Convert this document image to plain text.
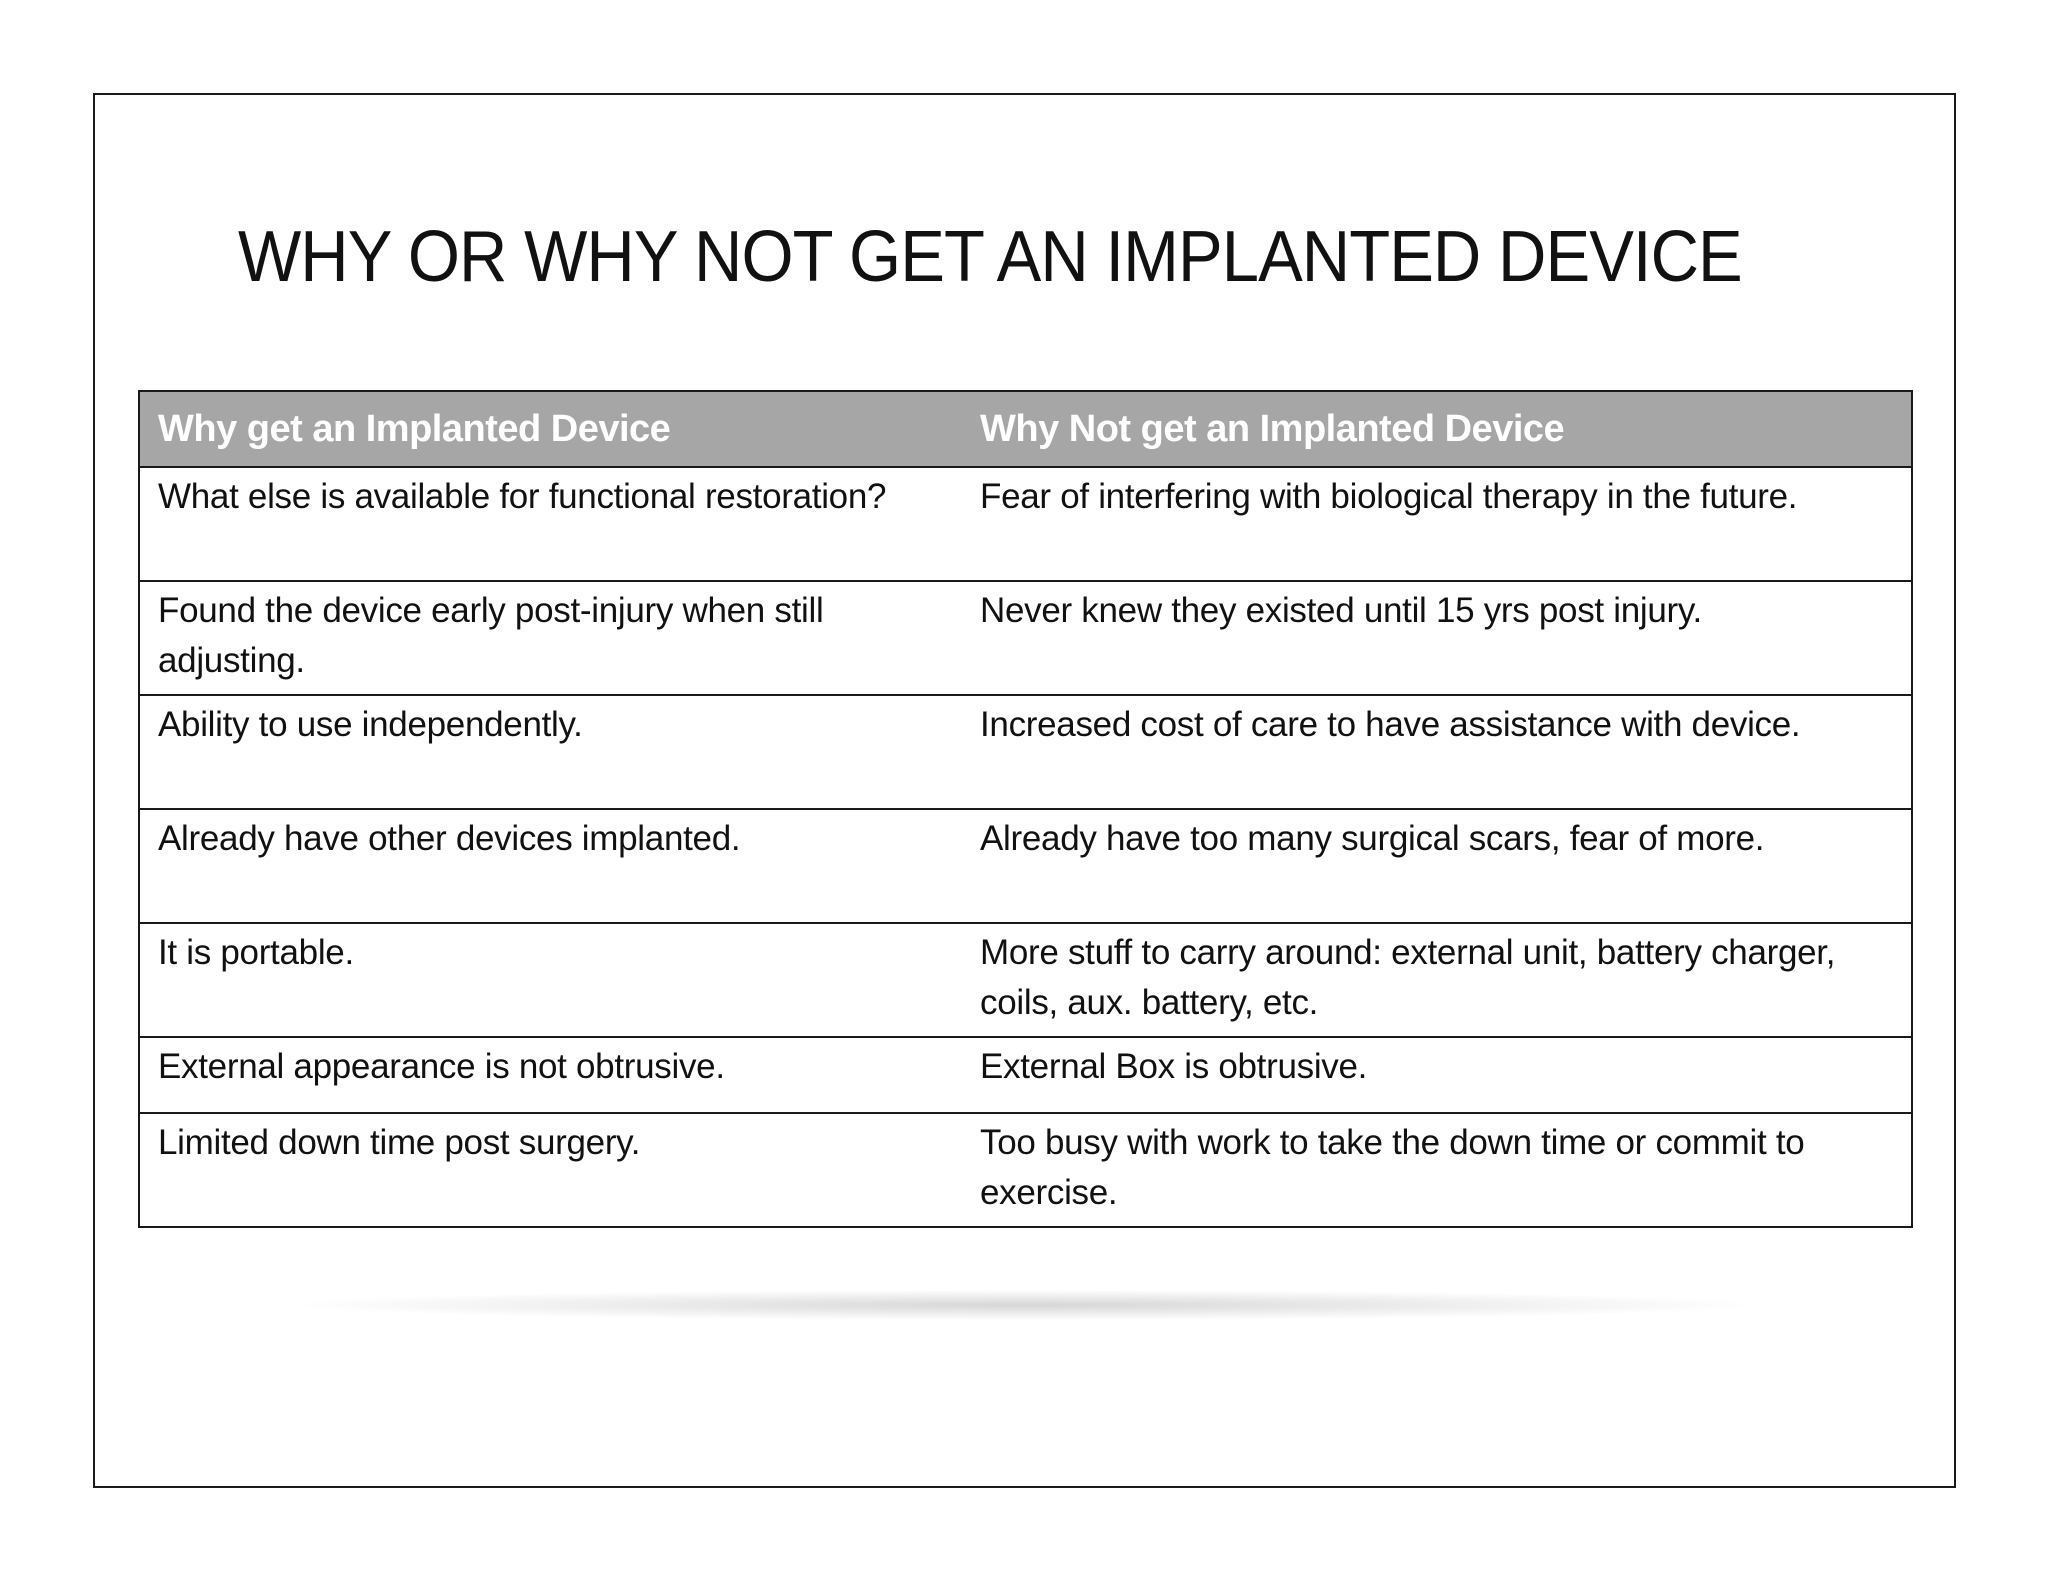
WHY OR WHY NOT GET AN IMPLANTED DEVICE
Why get an Implanted Device	Why Not get an Implanted Device
What else is available for functional restoration?	Fear of interfering with biological therapy in the future.
Found the device early post-injury when still adjusting.	Never knew they existed until 15 yrs post injury.
Ability to use independently.	Increased cost of care to have assistance with device.
Already have other devices implanted.	Already have too many surgical scars, fear of more.
It is portable.	More stuff to carry around: external unit, battery charger, coils, aux. battery, etc.
External appearance is not obtrusive.	External Box is obtrusive.
Limited down time post surgery.	Too busy with work to take the down time or commit to exercise.
